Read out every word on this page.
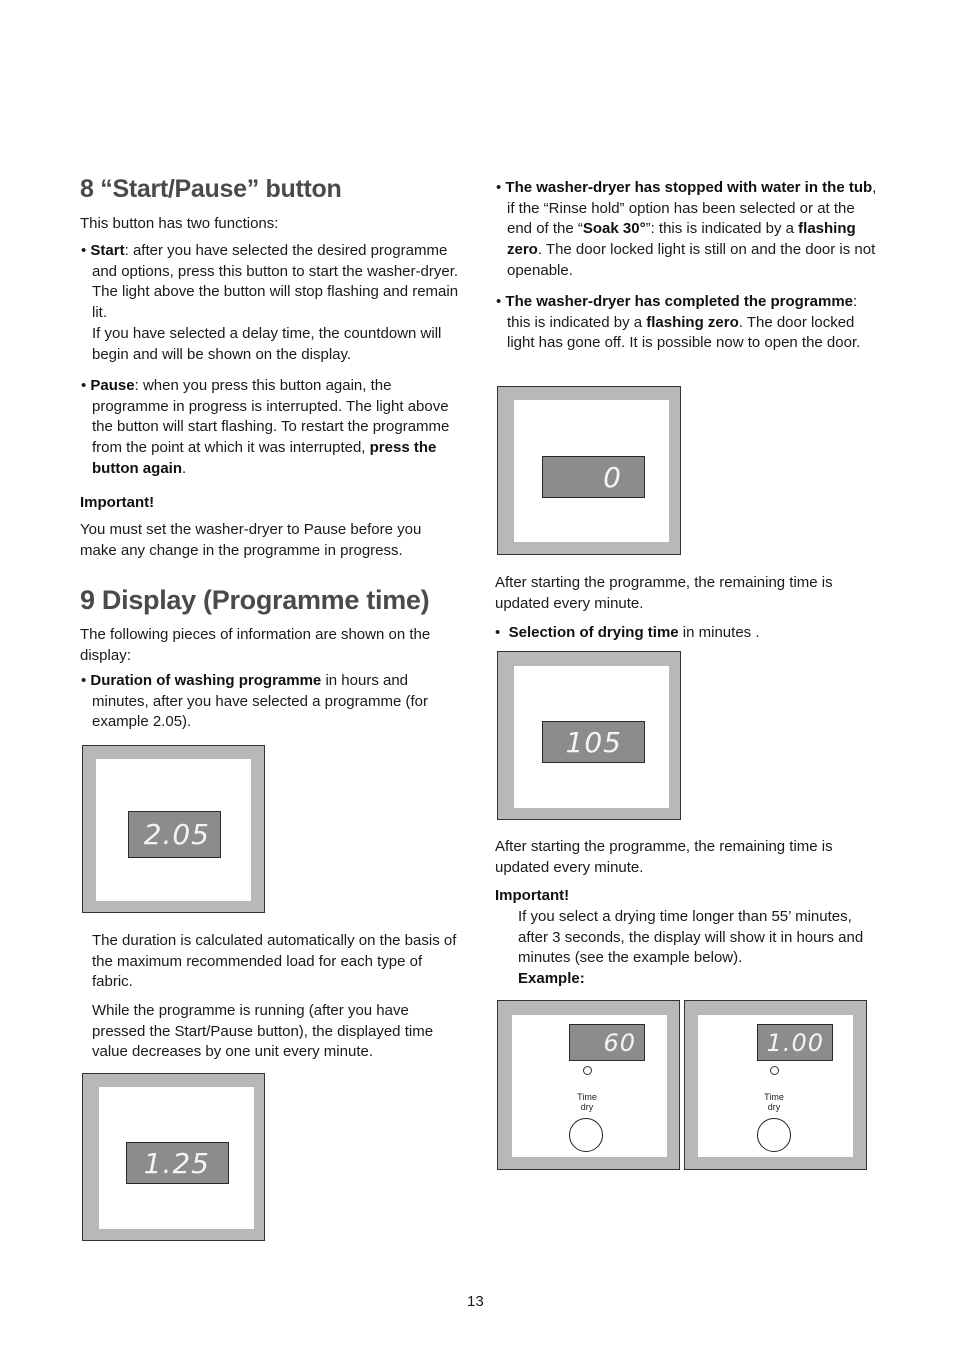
8 “Start/Pause” button

This button has two functions:

• Start: after you have selected the desired programme and options, press this button to start the washer-dryer. The light above the button will stop flashing and remain lit.

If you have selected a delay time, the countdown will begin and will be shown on the display.

• Pause: when you press this button again, the programme in progress is interrupted. The light above the button will start flashing. To restart the programme from the point at which it was interrupted, press the button again.

Important!

You must set the washer-dryer to Pause before you make any change in the programme in progress.

9 Display (Programme time)

The following pieces of information are shown on the display:

• Duration of washing programme in hours and minutes, after you have selected a programme (for example 2.05).

2.05

The duration is calculated automatically on the basis of the maximum recommended load for each type of fabric.

While the programme is running (after you have pressed the Start/Pause button), the displayed time value decreases by one unit every minute.

1.25

• The washer-dryer has stopped with water in the tub, if the “Rinse hold” option has been selected or at the end of the “Soak 30°”: this is indicated by a flashing zero. The door locked light is still on and the door is not openable.

• The washer-dryer has completed the programme: this is indicated by a flashing zero. The door locked light has gone off. It is possible now to open the door.

0

After starting the programme, the remaining time is updated every minute.

•  Selection of drying time in minutes .

105

After starting the programme, the remaining time is updated every minute.

Important!

If you select a drying time longer than 55’ minutes, after 3 seconds, the display will show it in hours and minutes (see the example below).

Example:

60
Time
dry
1.00
Time
dry
13
